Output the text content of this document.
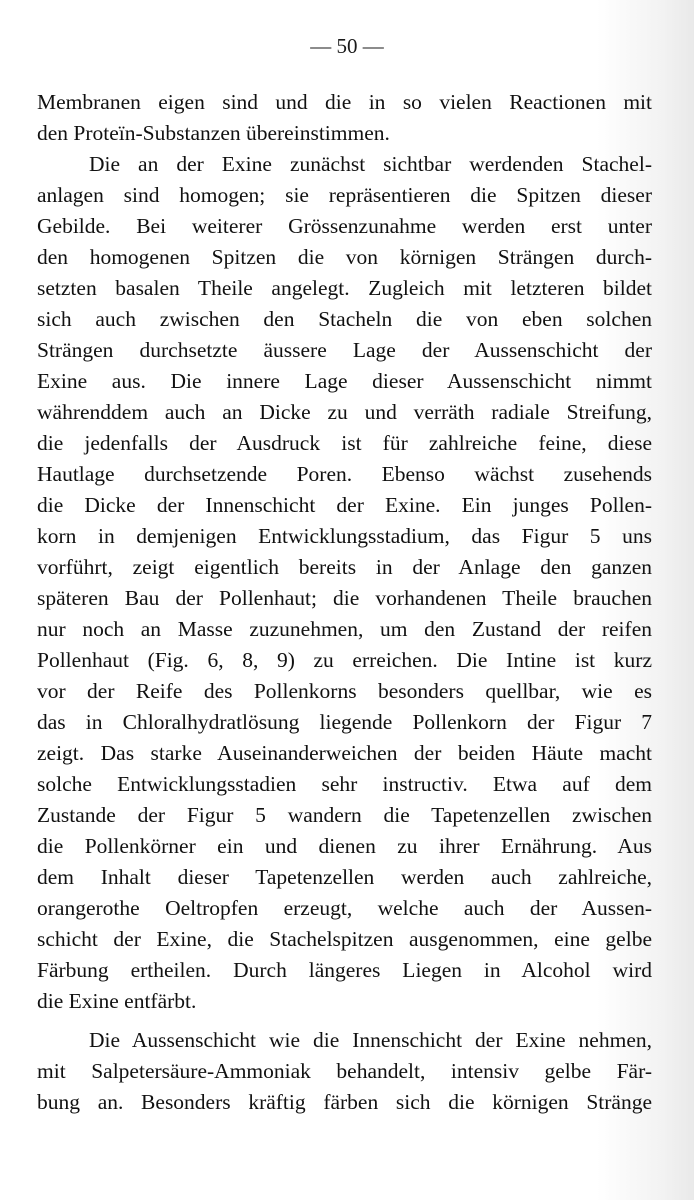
— 50 —
Membranen eigen sind und die in so vielen Reactionen mit
den Proteïn-Substanzen übereinstimmen.
Die an der Exine zunächst sichtbar werdenden Stachel-
anlagen sind homogen; sie repräsentieren die Spitzen dieser
Gebilde. Bei weiterer Grössenzunahme werden erst unter
den homogenen Spitzen die von körnigen Strängen durch-
setzten basalen Theile angelegt. Zugleich mit letzteren bildet
sich auch zwischen den Stacheln die von eben solchen
Strängen durchsetzte äussere Lage der Aussenschicht der
Exine aus. Die innere Lage dieser Aussenschicht nimmt
währenddem auch an Dicke zu und verräth radiale Streifung,
die jedenfalls der Ausdruck ist für zahlreiche feine, diese
Hautlage durchsetzende Poren. Ebenso wächst zusehends
die Dicke der Innenschicht der Exine. Ein junges Pollen-
korn in demjenigen Entwicklungsstadium, das Figur 5 uns
vorführt, zeigt eigentlich bereits in der Anlage den ganzen
späteren Bau der Pollenhaut; die vorhandenen Theile brauchen
nur noch an Masse zuzunehmen, um den Zustand der reifen
Pollenhaut (Fig. 6, 8, 9) zu erreichen. Die Intine ist kurz
vor der Reife des Pollenkorns besonders quellbar, wie es
das in Chloralhydratlösung liegende Pollenkorn der Figur 7
zeigt. Das starke Auseinanderweichen der beiden Häute macht
solche Entwicklungsstadien sehr instructiv. Etwa auf dem
Zustande der Figur 5 wandern die Tapetenzellen zwischen
die Pollenkörner ein und dienen zu ihrer Ernährung. Aus
dem Inhalt dieser Tapetenzellen werden auch zahlreiche,
orangerothe Oeltropfen erzeugt, welche auch der Aussen-
schicht der Exine, die Stachelspitzen ausgenommen, eine gelbe
Färbung ertheilen. Durch längeres Liegen in Alcohol wird
die Exine entfärbt.
Die Aussenschicht wie die Innenschicht der Exine nehmen,
mit Salpetersäure-Ammoniak behandelt, intensiv gelbe Fär-
bung an. Besonders kräftig färben sich die körnigen Stränge
